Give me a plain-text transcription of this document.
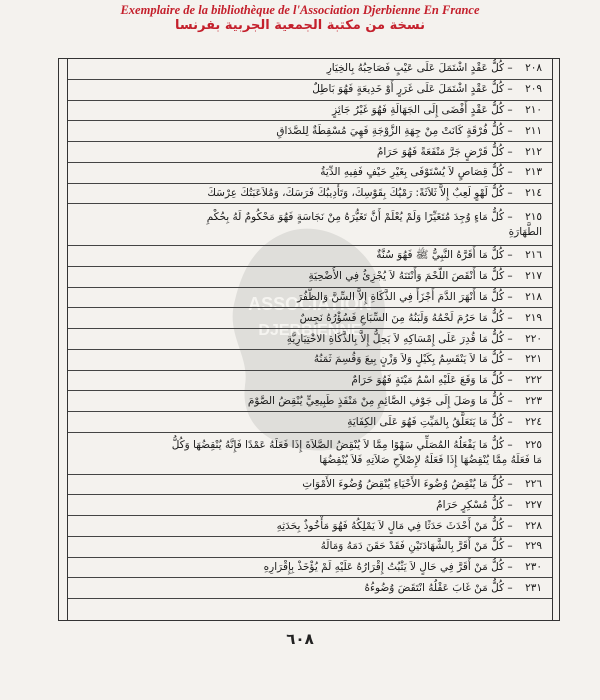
Exemplaire de la bibliothèque de l'Association Djerbienne En France
نسخة من مكتبة الجمعية الجربية بفرنسا
ASSOCIATION
DJERBIENNE
٢٠٨ – كُلُّ عَقْدٍ اشْتَمَلَ عَلَى عَيْبٍ فَصَاحِبُهُ بِالخِيَارِ
٢٠٩ – كُلُّ عَقْدٍ اشْتَمَلَ عَلَى غَرَرٍ أَوْ خَدِيعَةٍ فَهُوَ بَاطِلٌ
٢١٠ – كُلُّ عَقْدٍ أَفْضَى إِلَى الجَهَالَةِ فَهُوَ غَيْرُ جَائِزٍ
٢١١ – كُلُّ فُرْقَةٍ كَانَتْ مِنْ جِهَةِ الزَّوْجَةِ فَهِيَ مُسْقِطَةٌ لِلصَّدَاقِ
٢١٢ – كُلُّ قَرْضٍ جَرَّ مَنْفَعَةً فَهُوَ حَرَامٌ
٢١٣ – كُلُّ قِصَاصٍ لاَ يُسْتَوْفَى بِغَيْرِ حَيْفٍ فَفِيهِ الدِّيَةُ
٢١٤ – كُلُّ لَهْوٍ لَعِبٌ إِلاَّ ثَلاَثَةً: رَمْيُكَ بِقَوْسِكَ، وَتَأْدِيبُكَ فَرَسَكَ، وَمُلاَعَبَتُكَ عِرْسَكَ
٢١٥ – كُلُّ مَاءٍ وُجِدَ مُتَغَيِّرًا وَلَمْ يُعْلَمْ أَنَّ تَغَيُّرَهُ مِنْ نَجَاسَةٍ فَهُوَ مَحْكُومٌ لَهُ بِحُكْمِ
الطَّهَارَةِ
٢١٦ – كُلُّ مَا أَقَرَّهُ النَّبِيُّ ﷺ فَهُوَ سُنَّةٌ
٢١٧ – كُلُّ مَا أَنْقَصَ اللَّحْمَ وَأَنْتَنَهُ لاَ يُجْزِئُ فِي الأُضْحِيَةِ
٢١٨ – كُلُّ مَا أَنْهَرَ الدَّمَ أَجْزَأَ فِي الذَّكَاةِ إِلاَّ السِّنَّ وَالظُّفُرَ
٢١٩ – كُلُّ مَا حَرُمَ لَحْمُهُ وَلَبَنُهُ مِنَ السِّبَاعِ فَسُؤْرُهُ نَجِسٌ
٢٢٠ – كُلُّ مَا قُدِرَ عَلَى إِمْسَاكِهِ لاَ يَحِلُّ إِلاَّ بِالذَّكَاةِ الاخْتِيَارِيَّةِ
٢٢١ – كُلُّ مَا لاَ يَنْقَسِمُ بِكَيْلٍ وَلاَ وَزْنٍ بِيعَ وَقُسِمَ ثَمَنُهُ
٢٢٢ – كُلُّ مَا وَقَعَ عَلَيْهِ اسْمُ مَيْتَةٍ فَهُوَ حَرَامٌ
٢٢٣ – كُلُّ مَا وَصَلَ إِلَى جَوْفِ الصَّائِمِ مِنْ مَنْفَذٍ طَبِيعِيٍّ يُنْقِضُ الصَّوْمَ
٢٢٤ – كُلُّ مَا يَتَعَلَّقُ بِالمَيِّتِ فَهُوَ عَلَى الكِفَايَةِ
٢٢٥ – كُلُّ مَا يَفْعَلُهُ المُصَلِّي سَهْوًا مِمَّا لاَ يُنْقِضُ الصَّلاَةَ إِذَا فَعَلَهُ عَمْدًا فَإِنَّهُ يُنْقِضُهَا وَكُلُّ
مَا فَعَلَهُ مِمَّا يُنْقِضُهَا إِذَا فَعَلَهُ لإِصْلاَحِ صَلاَتِهِ فَلاَ يُنْقِضُهَا
٢٢٦ – كُلُّ مَا يُنْقِضُ وُضُوءَ الأَحْيَاءِ يُنْقِضُ وُضُوءَ الأَمْوَاتِ
٢٢٧ – كُلُّ مُسْكِرٍ حَرَامٌ
٢٢٨ – كُلُّ مَنْ أَحْدَثَ حَدَثًا فِي مَالٍ لاَ يَمْلِكُهُ فَهُوَ مَأْخُوذٌ بِحَدَثِهِ
٢٢٩ – كُلُّ مَنْ أَقَرَّ بِالشَّهَادَتَيْنِ فَقَدْ حَقَنَ دَمَهُ وَمَالَهُ
٢٣٠ – كُلُّ مَنْ أَقَرَّ فِي حَالٍ لاَ يَثْبُتُ إِقْرَارُهُ عَلَيْهِ لَمْ يُؤْخَذْ بِإِقْرَارِهِ
٢٣١ – كُلُّ مَنْ غَابَ عَقْلُهُ انْتَقَضَ وُضُوءُهُ
٦٠٨
